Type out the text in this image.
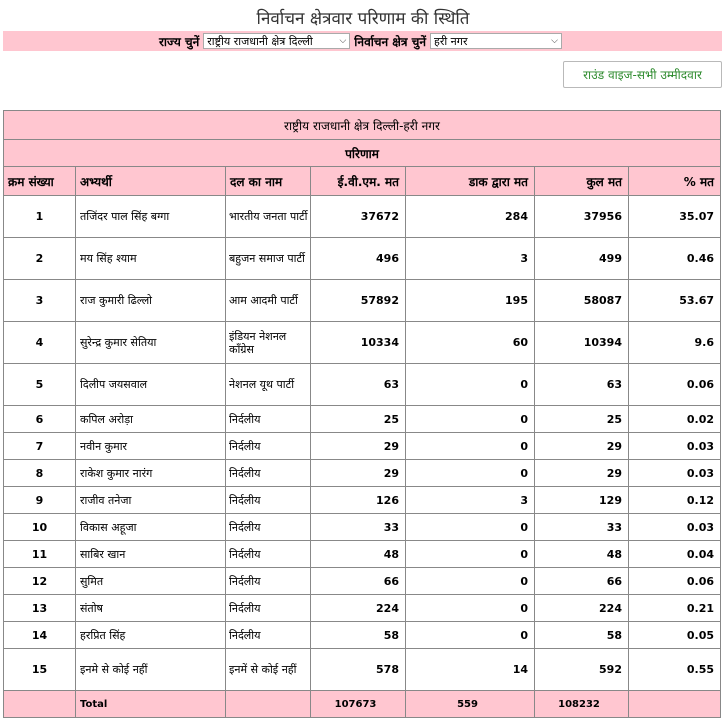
निर्वाचन क्षेत्रवार परिणाम की स्थिति
राज्य चुनें राष्ट्रीय राजधानी क्षेत्र दिल्ली	⌵ निर्वाचन क्षेत्र चुनें हरी नगर	⌵
राउंड वाइज-सभी उम्मीदवार
राष्ट्रीय राजधानी क्षेत्र दिल्ली-हरी नगर						
परिणाम						
क्रम संख्या	अभ्यर्थी	दल का नाम	ई.वी.एम. मत	डाक द्वारा मत	कुल मत	% मत
1	तजिंदर पाल सिंह बग्गा	भारतीय जनता पार्टी	37672	284	37956	35.07
2	मय सिंह श्याम	बहुजन समाज पार्टी	496	3	499	0.46
3	राज कुमारी ढिल्लो	आम आदमी पार्टी	57892	195	58087	53.67
4	सुरेन्द्र कुमार सेतिया	इंडियन नेशनल कॉंग्रेस	10334	60	10394	9.6
5	दिलीप जयसवाल	नेशनल यूथ पार्टी	63	0	63	0.06
6	कपिल अरोड़ा	निर्दलीय	25	0	25	0.02
7	नवीन कुमार	निर्दलीय	29	0	29	0.03
8	राकेश कुमार नारंग	निर्दलीय	29	0	29	0.03
9	राजीव तनेजा	निर्दलीय	126	3	129	0.12
10	विकास अहूजा	निर्दलीय	33	0	33	0.03
11	साबिर खान	निर्दलीय	48	0	48	0.04
12	सुमित	निर्दलीय	66	0	66	0.06
13	संतोष	निर्दलीय	224	0	224	0.21
14	हरप्रित सिंह	निर्दलीय	58	0	58	0.05
15	इनमे से कोई नहीं	इनमें से कोई नहीं	578	14	592	0.55
	Total		107673	559	108232	
